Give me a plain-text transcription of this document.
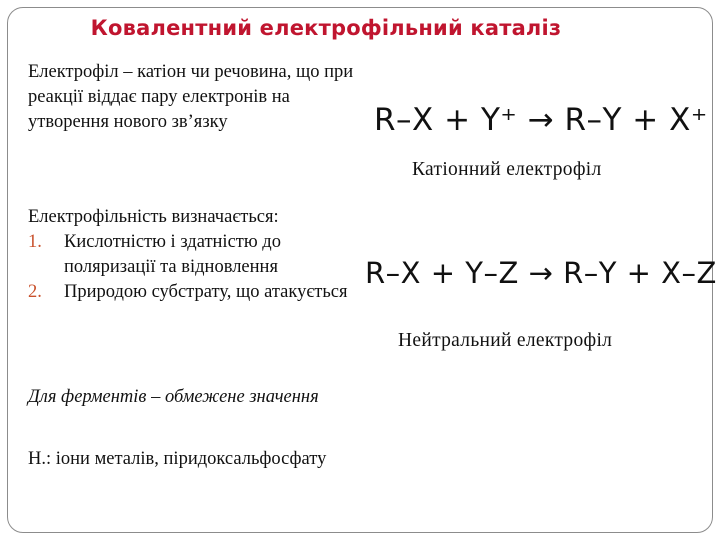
Ковалентний електрофільний каталіз
Електрофіл – катіон чи речовина, що при реакції віддає пару електронів на утворення нового зв’язку
Електрофільність визначається:
1. Кислотністю і здатністю до поляризації та відновлення
2. Природою субстрату, що атакується
Для ферментів – обмежене значення
Н.: іони металів, піридоксальфосфату
R–X + Y⁺ → R–Y + X⁺
Катіонний електрофіл
R–X + Y–Z → R–Y + X–Z
Нейтральний електрофіл
